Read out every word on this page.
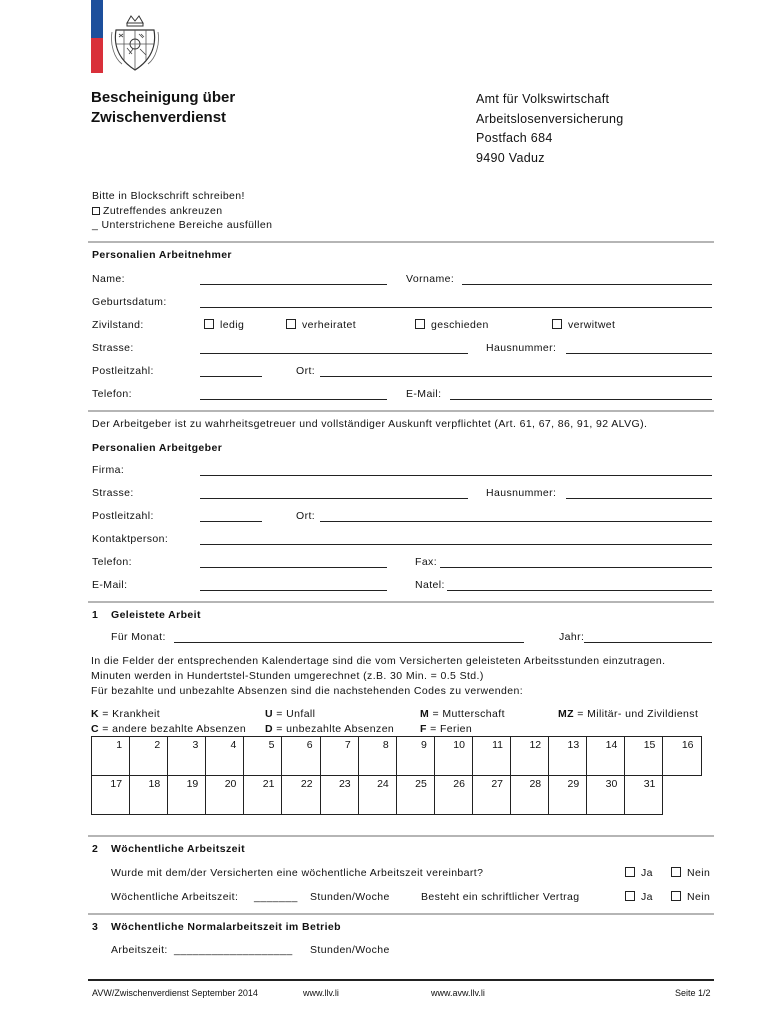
Bescheinigung über
Zwischenverdienst
Amt für Volkswirtschaft
Arbeitslosenversicherung
Postfach 684
9490 Vaduz
Bitte in Blockschrift schreiben!
Zutreffendes ankreuzen
_ Unterstrichene Bereiche ausfüllen
Personalien Arbeitnehmer
Name:	Vorname:
Geburtsdatum:
Zivilstand:	ledig	verheiratet	geschieden	verwitwet
Strasse:	Hausnummer:
Postleitzahl:	Ort:
Telefon:	E-Mail:
Der Arbeitgeber ist zu wahrheitsgetreuer und vollständiger Auskunft verpflichtet (Art. 61, 67, 86, 91, 92 ALVG).
Personalien Arbeitgeber
Firma:
Strasse:	Hausnummer:
Postleitzahl:	Ort:
Kontaktperson:
Telefon:	Fax:
E-Mail:	Natel:
1 Geleistete Arbeit
Für Monat:	Jahr:
In die Felder der entsprechenden Kalendertage sind die vom Versicherten geleisteten Arbeitsstunden einzutragen.
Minuten werden in Hundertstel-Stunden umgerechnet (z.B. 30 Min. = 0.5 Std.)
Für bezahlte und unbezahlte Absenzen sind die nachstehenden Codes zu verwenden:
K = Krankheit	U = Unfall	M = Mutterschaft	MZ = Militär- und Zivildienst
C = andere bezahlte Absenzen D = unbezahlte Absenzen F = Ferien
1	2	3	4	5	6	7	8	9	10	11	12	13	14	15	16
17	18	19	20	21	22	23	24	25	26	27	28	29	30	31	
2 Wöchentliche Arbeitszeit
Wurde mit dem/der Versicherten eine wöchentliche Arbeitszeit vereinbart?	Ja	Nein
Wöchentliche Arbeitszeit: _______ Stunden/Woche	Besteht ein schriftlicher Vertrag	Ja	Nein
3 Wöchentliche Normalarbeitszeit im Betrieb
Arbeitszeit: ___________________ Stunden/Woche
AVW/Zwischenverdienst September 2014	www.llv.li	www.avw.llv.li	Seite 1/2
